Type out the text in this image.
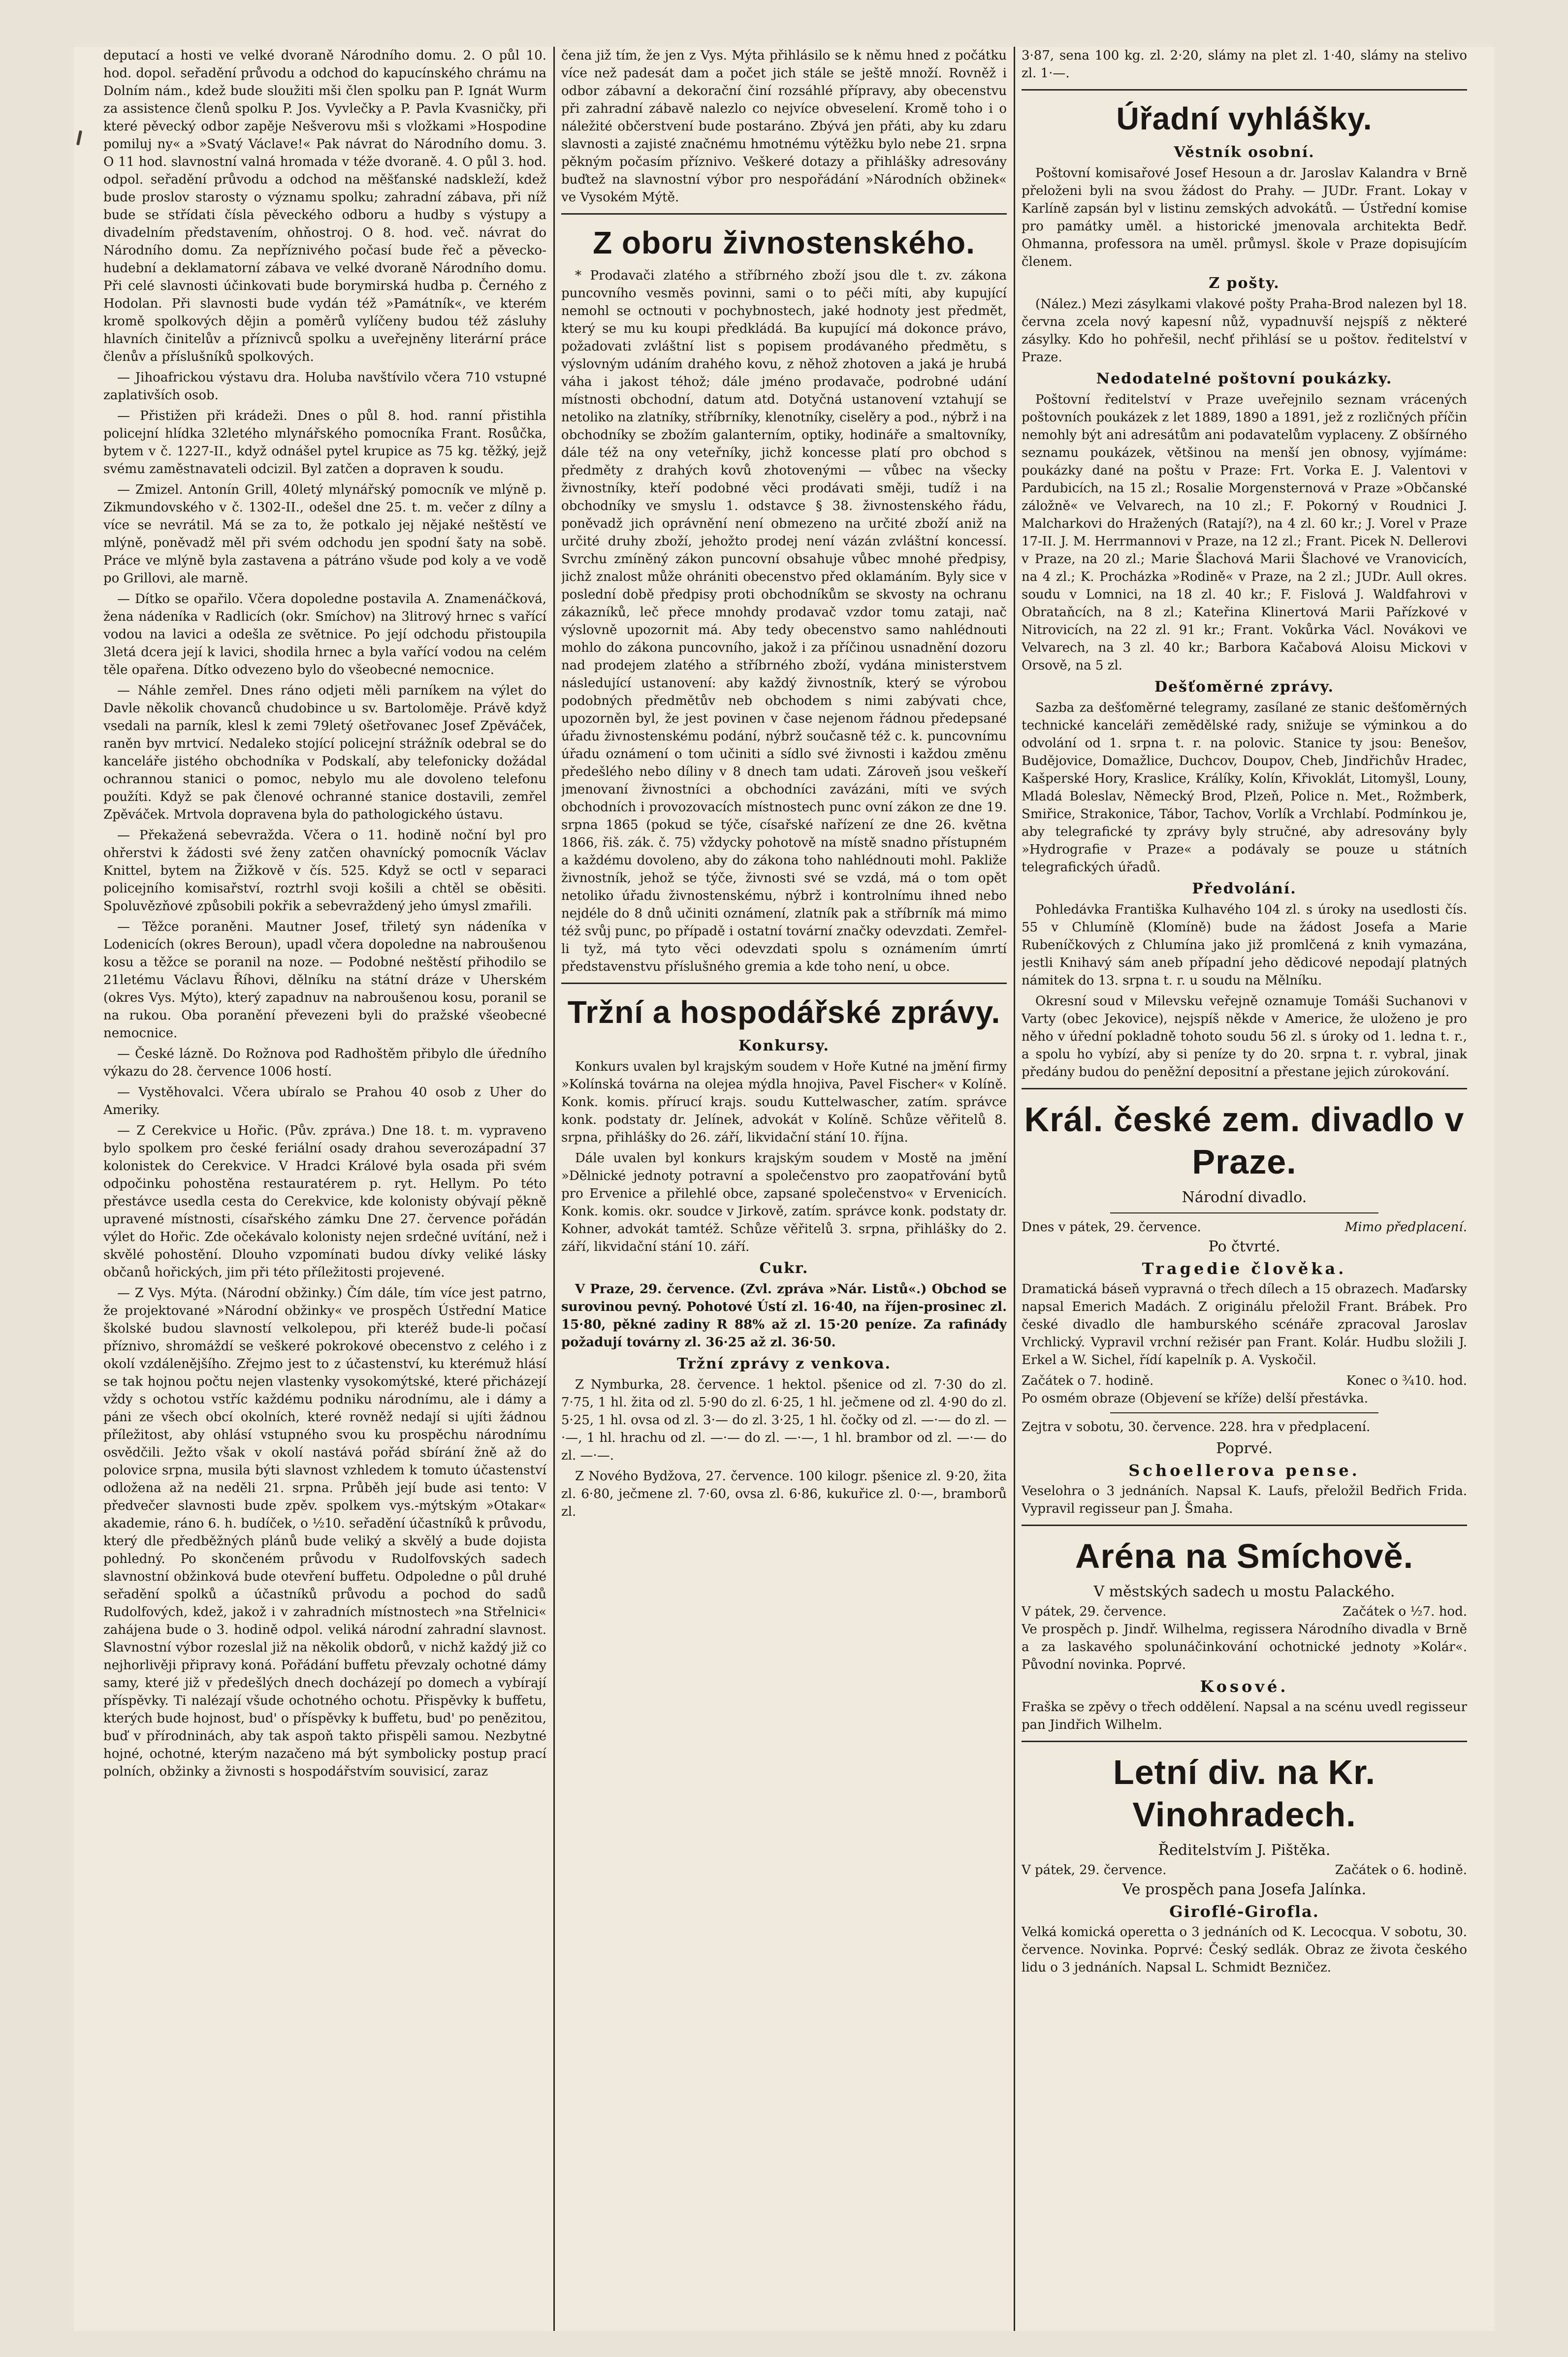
deputací a hosti ve velké dvoraně Národního domu. 2. O půl 10. hod. dopol. seřadění průvodu a odchod do kapucínského chrámu na Dolním nám., kdež bude sloužiti mši člen spolku pan P. Ignát Wurm za assistence členů spolku P. Jos. Vyvlečky a P. Pavla Kvasničky, při které pěvecký odbor zapěje Nešverovu mši s vložkami »Hospodine pomiluj ny« a »Svatý Václave!« Pak návrat do Národního domu. 3. O 11 hod. slavnostní valná hromada v téže dvoraně. 4. O půl 3. hod. odpol. seřadění průvodu a odchod na měšťanské nadskleží, kdež bude proslov starosty o významu spolku; zahradní zábava, při níž bude se střídati čísla pěveckého odboru a hudby s výstupy a divadelním představením, ohňostroj. O 8. hod. več. návrat do Národního domu. Za nepříznivého počasí bude řeč a pěvecko-hudební a deklamatorní zábava ve velké dvoraně Národního domu. Při celé slavnosti účinkovati bude borymirská hudba p. Černého z Hodolan. Při slavnosti bude vydán též »Památník«, ve kterém kromě spolkových dějin a poměrů vylíčeny budou též zásluhy hlavních činitelův a příznivců spolku a uveřejněny literární práce členův a příslušníků spolkových.

— Jihoafrickou výstavu dra. Holuba navštívilo včera 710 vstupné zaplativších osob.

— Přistižen při krádeži. Dnes o půl 8. hod. ranní přistihla policejní hlídka 32letého mlynářského pomocníka Frant. Rosůčka, bytem v č. 1227-II., když odnášel pytel krupice as 75 kg. těžký, jejž svému zaměstnavateli odcizil. Byl zatčen a dopraven k soudu.

— Zmizel. Antonín Grill, 40letý mlynářský pomocník ve mlýně p. Zikmundovského v č. 1302-II., odešel dne 25. t. m. večer z dílny a více se nevrátil. Má se za to, že potkalo jej nějaké neštěstí ve mlýně, poněvadž měl při svém odchodu jen spodní šaty na sobě. Práce ve mlýně byla zastavena a pátráno všude pod koly a ve vodě po Grillovi, ale marně.

— Dítko se opařilo. Včera dopoledne postavila A. Znamenáčková, žena nádeníka v Radlicích (okr. Smíchov) na 3litrový hrnec s vařící vodou na lavici a odešla ze světnice. Po její odchodu přistoupila 3letá dcera její k lavici, shodila hrnec a byla vařící vodou na celém těle opařena. Dítko odvezeno bylo do všeobecné nemocnice.

— Náhle zemřel. Dnes ráno odjeti měli parníkem na výlet do Davle několik chovanců chudobince u sv. Bartoloměje. Právě když vsedali na parník, klesl k zemi 79letý ošetřovanec Josef Zpěváček, raněn byv mrtvicí. Nedaleko stojící policejní strážník odebral se do kanceláře jistého obchodníka v Podskalí, aby telefonicky dožádal ochrannou stanici o pomoc, nebylo mu ale dovoleno telefonu použíti. Když se pak členové ochranné stanice dostavili, zemřel Zpěváček. Mrtvola dopravena byla do pathologického ústavu.

— Překažená sebevražda. Včera o 11. hodině noční byl pro ohřerstvi k žádosti své ženy zatčen ohavnícký pomocník Václav Knittel, bytem na Žižkově v čís. 525. Když se octl v separaci policejního komisařství, roztrhl svoji košili a chtěl se oběsiti. Spoluvězňové způsobili pokřik a sebevraždený jeho úmysl zmařili.

— Těžce poraněni. Mautner Josef, třiletý syn nádeníka v Lodenicích (okres Beroun), upadl včera dopoledne na nabroušenou kosu a těžce se poranil na noze. — Podobné neštěstí přihodilo se 21letému Václavu Říhovi, dělníku na státní dráze v Uherském (okres Vys. Mýto), který zapadnuv na nabroušenou kosu, poranil se na rukou. Oba poranění převezeni byli do pražské všeobecné nemocnice.

— České lázně. Do Rožnova pod Radhoštěm přibylo dle úředního výkazu do 28. července 1006 hostí.

— Vystěhovalci. Včera ubíralo se Prahou 40 osob z Uher do Ameriky.

— Z Cerekvice u Hořic. (Pův. zpráva.) Dne 18. t. m. vypraveno bylo spolkem pro české feriální osady drahou severozápadní 37 kolonistek do Cerekvice. V Hradci Králové byla osada při svém odpočinku pohostěna restauratérem p. ryt. Hellym. Po této přestávce usedla cesta do Cerekvice, kde kolonisty obývají pěkně upravené místnosti, císařského zámku Dne 27. července pořádán výlet do Hořic. Zde očekávalo kolonisty nejen srdečné uvítání, než i skvělé pohostění. Dlouho vzpomínati budou dívky veliké lásky občanů hořických, jim při této příležitosti projevené.

— Z Vys. Mýta. (Národní obžinky.) Čím dále, tím více jest patrno, že projektované »Národní obžinky« ve prospěch Ústřední Matice školské budou slavností velkolepou, při kteréž bude-li počasí příznivo, shromáždí se veškeré pokrokové obecenstvo z celého i z okolí vzdálenějšího. Zřejmo jest to z účastenství, ku kterémuž hlásí se tak hojnou počtu nejen vlastenky vysokomýtské, které přicházejí vždy s ochotou vstříc každému podniku národnímu, ale i dámy a páni ze všech obcí okolních, které rovněž nedají si ujíti žádnou příležitost, aby ohlásí vstupného svou ku prospěchu národnímu osvědčili. Ježto však v okolí nastává pořád sbírání žně až do polovice srpna, musila býti slavnost vzhledem k tomuto účastenství odložena až na neděli 21. srpna. Průběh její bude asi tento: V předvečer slavnosti bude zpěv. spolkem vys.-mýtským »Otakar« akademie, ráno 6. h. budíček, o ½10. seřadění účastníků k průvodu, který dle předběžných plánů bude veliký a skvělý a bude dojista pohledný. Po skončeném průvodu v Rudolfovských sadech slavnostní obžinková bude otevření buffetu. Odpoledne o půl druhé seřadění spolků a účastníků průvodu a pochod do sadů Rudolfových, kdež, jakož i v zahradních místnostech »na Střelnici« zahájena bude o 3. hodině odpol. veliká národní zahradní slavnost. Slavnostní výbor rozeslal již na několik obdorů, v nichž každý již co nejhorlivěji připravy koná. Pořádání buffetu převzaly ochotné dámy samy, které již v předešlých dnech docházejí po domech a vybírají příspěvky. Ti nalézají všude ochotného ochotu. Přispěvky k buffetu, kterých bude hojnost, bud' o příspěvky k buffetu, bud' po penězitou, buď v přírodninách, aby tak aspoň takto přispěli samou. Nezbytné hojné, ochotné, kterým nazačeno má být symbolicky postup prací polních, obžinky a živnosti s hospodářstvím souvisicí, zaraz

čena již tím, že jen z Vys. Mýta přihlásilo se k němu hned z počátku více než padesát dam a počet jich stále se ještě množí. Rovněž i odbor zábavní a dekorační činí rozsáhlé přípravy, aby obecenstvu při zahradní zábavě nalezlo co nejvíce obveselení. Kromě toho i o náležité občerstvení bude postaráno. Zbývá jen přáti, aby ku zdaru slavnosti a zajisté značnému hmotnému výtěžku bylo nebe 21. srpna pěkným počasím příznivo. Veškeré dotazy a přihlášky adresovány buďtež na slavnostní výbor pro nespořádání »Národních obžinek« ve Vysokém Mýtě.

Z oboru živnostenského.

* Prodavači zlatého a stříbrného zboží jsou dle t. zv. zákona puncovního vesměs povinni, sami o to péči míti, aby kupující nemohl se octnouti v pochybnostech, jaké hodnoty jest předmět, který se mu ku koupi předkládá. Ba kupující má dokonce právo, požadovati zvláštní list s popisem prodávaného předmětu, s výslovným udáním drahého kovu, z něhož zhotoven a jaká je hrubá váha i jakost téhož; dále jméno prodavače, podrobné udání místnosti obchodní, datum atd. Dotyčná ustanovení vztahují se netoliko na zlatníky, stříbrníky, klenotníky, ciselěry a pod., nýbrž i na obchodníky se zbožím galanterním, optiky, hodináře a smaltovníky, dále též na ony veteřníky, jichž koncesse platí pro obchod s předměty z drahých kovů zhotovenými — vůbec na všecky živnostníky, kteří podobné věci prodávati směji, tudíž i na obchodníky ve smyslu 1. odstavce § 38. živnostenského řádu, poněvadž jich oprávnění není obmezeno na určité zboží aniž na určité druhy zboží, jehožto prodej není vázán zvláštní koncessí. Svrchu zmíněný zákon puncovní obsahuje vůbec mnohé předpisy, jichž znalost může ohrániti obecenstvo před oklamáním. Byly sice v poslední době předpisy proti obchodníkům se skvosty na ochranu zákazníků, leč přece mnohdy prodavač vzdor tomu zataji, nač výslovně upozornit má. Aby tedy obecenstvo samo nahlédnouti mohlo do zákona puncovního, jakož i za příčinou usnadnění dozoru nad prodejem zlatého a stříbrného zboží, vydána ministerstvem následující ustanovení: aby každý živnostník, který se výrobou podobných předmětův neb obchodem s nimi zabývati chce, upozorněn byl, že jest povinen v čase nejenom řádnou předepsané úřadu živnostenskému podání, nýbrž současně též c. k. puncovnímu úřadu oznámení o tom učiniti a sídlo své živnosti i každou změnu předešlého nebo díliny v 8 dnech tam udati. Zároveň jsou veškeří jmenovaní živnostníci a obchodníci zavázáni, míti ve svých obchodních i provozovacích místnostech punc ovní zákon ze dne 19. srpna 1865 (pokud se týče, císařské nařízení ze dne 26. května 1866, řiš. zák. č. 75) vždycky pohotově na místě snadno přístupném a každému dovoleno, aby do zákona toho nahlédnouti mohl. Pakliže živnostník, jehož se týče, živnosti své se vzdá, má o tom opět netoliko úřadu živnostenskému, nýbrž i kontrolnímu ihned nebo nejdéle do 8 dnů učiniti oznámení, zlatník pak a stříbrník má mimo též svůj punc, po případě i ostatní tovární značky odevzdati. Zemřel-li tyž, má tyto věci odevzdati spolu s oznámením úmrtí představenstvu příslušného gremia a kde toho není, u obce.

Tržní a hospodářské zprávy.
Konkursy.

Konkurs uvalen byl krajským soudem v Hoře Kutné na jmění firmy »Kolínská továrna na olejea mýdla hnojiva, Pavel Fischer« v Kolíně. Konk. komis. přírucí krajs. soudu Kuttelwascher, zatím. správce konk. podstaty dr. Jelínek, advokát v Kolíně. Schůze věřitelů 8. srpna, přihlášky do 26. září, likvidační stání 10. října.

Dále uvalen byl konkurs krajským soudem v Mostě na jmění »Dělnické jednoty potravní a společenstvo pro zaopatřování bytů pro Ervenice a přilehlé obce, zapsané společenstvo« v Ervenicích. Konk. komis. okr. soudce v Jirkově, zatím. správce konk. podstaty dr. Kohner, advokát tamtéž. Schůze věřitelů 3. srpna, přihlášky do 2. září, likvidační stání 10. září.

Cukr.

V Praze, 29. července. (Zvl. zpráva »Nár. Listů«.) Obchod se surovinou pevný. Pohotové Ústí zl. 16·40, na říjen-prosinec zl. 15·80, pěkné zadiny R 88% až zl. 15·20 peníze. Za rafinády požadují továrny zl. 36·25 až zl. 36·50.

Tržní zprávy z venkova.

Z Nymburka, 28. července. 1 hektol. pšenice od zl. 7·30 do zl. 7·75, 1 hl. žita od zl. 5·90 do zl. 6·25, 1 hl. ječmene od zl. 4·90 do zl. 5·25, 1 hl. ovsa od zl. 3·— do zl. 3·25, 1 hl. čočky od zl. —·— do zl. —·—, 1 hl. hrachu od zl. —·— do zl. —·—, 1 hl. brambor od zl. —·— do zl. —·—.

Z Nového Bydžova, 27. července. 100 kilogr. pšenice zl. 9·20, žita zl. 6·80, ječmene zl. 7·60, ovsa zl. 6·86, kukuřice zl. 0·—, bramborů zl.

3·87, sena 100 kg. zl. 2·20, slámy na plet zl. 1·40, slámy na stelivo zl. 1·—.

Úřadní vyhlášky.
Věstník osobní.

Poštovní komisařové Josef Hesoun a dr. Jaroslav Kalandra v Brně přeloženi byli na svou žádost do Prahy. — JUDr. Frant. Lokay v Karlíně zapsán byl v listinu zemských advokátů. — Ústřední komise pro památky uměl. a historické jmenovala architekta Bedř. Ohmanna, professora na uměl. průmysl. škole v Praze dopisujícím členem.

Z pošty.

(Nález.) Mezi zásylkami vlakové pošty Praha-Brod nalezen byl 18. června zcela nový kapesní nůž, vypadnuvší nejspíš z některé zásylky. Kdo ho pohřešil, nechť přihlásí se u poštov. ředitelství v Praze.

Nedodatelné poštovní poukázky.

Poštovní ředitelství v Praze uveřejnilo seznam vrácených poštovních poukázek z let 1889, 1890 a 1891, jež z rozličných příčin nemohly být ani adresátům ani podavatelům vyplaceny. Z obšírného seznamu poukázek, většinou na menší jen obnosy, vyjímáme: poukázky dané na poštu v Praze: Frt. Vorka E. J. Valentovi v Pardubicích, na 15 zl.; Rosalie Morgensternová v Praze »Občanské záložně« ve Velvarech, na 10 zl.; F. Pokorný v Roudnici J. Malcharkovi do Hražených (Ratají?), na 4 zl. 60 kr.; J. Vorel v Praze 17-II. J. M. Herrmannovi v Praze, na 12 zl.; Frant. Picek N. Dellerovi v Praze, na 20 zl.; Marie Šlachová Marii Šlachové ve Vranovicích, na 4 zl.; K. Procházka »Rodině« v Praze, na 2 zl.; JUDr. Aull okres. soudu v Lomnici, na 18 zl. 40 kr.; F. Fislová J. Waldfahrovi v Obrataňcích, na 8 zl.; Kateřina Klinertová Marii Pařízkové v Nitrovicích, na 22 zl. 91 kr.; Frant. Vokůrka Václ. Novákovi ve Velvarech, na 3 zl. 40 kr.; Barbora Kačabová Aloisu Mickovi v Orsově, na 5 zl.

Dešťoměrné zprávy.

Sazba za dešťoměrné telegramy, zasílané ze stanic dešťoměrných technické kanceláři zemědělské rady, snižuje se výminkou a do odvolání od 1. srpna t. r. na polovic. Stanice ty jsou: Benešov, Budějovice, Domažlice, Duchcov, Doupov, Cheb, Jindřichův Hradec, Kašperské Hory, Kraslice, Králíky, Kolín, Křivoklát, Litomyšl, Louny, Mladá Boleslav, Německý Brod, Plzeň, Police n. Met., Rožmberk, Smiřice, Strakonice, Tábor, Tachov, Vorlík a Vrchlabí. Podmínkou je, aby telegrafické ty zprávy byly stručné, aby adresovány byly »Hydrografie v Praze« a podávaly se pouze u státních telegrafických úřadů.

Předvolání.

Pohledávka Františka Kulhavého 104 zl. s úroky na usedlosti čís. 55 v Chlumíně (Klomíně) bude na žádost Josefa a Marie Rubeníčkových z Chlumína jako již promlčená z knih vymazána, jestli Knihavý sám aneb případní jeho dědicové nepodají platných námitek do 13. srpna t. r. u soudu na Mělníku.

Okresní soud v Milevsku veřejně oznamuje Tomáši Suchanovi v Varty (obec Jekovice), nejspíš někde v Americe, že uloženo je pro něho v úřední pokladně tohoto soudu 56 zl. s úroky od 1. ledna t. r., a spolu ho vybízí, aby si peníze ty do 20. srpna t. r. vybral, jinak předány budou do peněžní depositní a přestane jejich zúrokování.

Král. české zem. divadlo v Praze.
Národní divadlo.
Dnes v pátek, 29. července.	Mimo předplacení.
Po čtvrté.
Tragedie člověka.

Dramatická báseň vypravná o třech dílech a 15 obrazech. Maďarsky napsal Emerich Madách. Z originálu přeložil Frant. Brábek. Pro české divadlo dle hamburského scénáře zpracoval Jaroslav Vrchlický. Vypravil vrchní režisér pan Frant. Kolár. Hudbu složili J. Erkel a W. Sichel, řídí kapelník p. A. Vyskočil.

Začátek o 7. hodině.	Konec o ¾10. hod.

Po osmém obraze (Objevení se kříže) delší přestávka.

Zejtra v sobotu, 30. července. 228. hra v předplacení.

Poprvé.
Schoellerova pense.

Veselohra o 3 jednáních. Napsal K. Laufs, přeložil Bedřich Frida. Vypravil regisseur pan J. Šmaha.

Aréna na Smíchově.
V městských sadech u mostu Palackého.
V pátek, 29. července.	Začátek o ½7. hod.

Ve prospěch p. Jindř. Wilhelma, regissera Národního divadla v Brně a za laskavého spolunáčinkování ochotnické jednoty »Kolár«. Původní novinka. Poprvé.

Kosové.

Fraška se zpěvy o třech oddělení. Napsal a na scénu uvedl regisseur pan Jindřich Wilhelm.

Letní div. na Kr. Vinohradech.
Ředitelstvím J. Pištěka.
V pátek, 29. července.	Začátek o 6. hodině.
Ve prospěch pana Josefa Jalínka.
Giroflé-Girofla.

Velká komická operetta o 3 jednáních od K. Lecocqua. V sobotu, 30. července. Novinka. Poprvé: Český sedlák. Obraz ze života českého lidu o 3 jednáních. Napsal L. Schmidt Bezničez.
